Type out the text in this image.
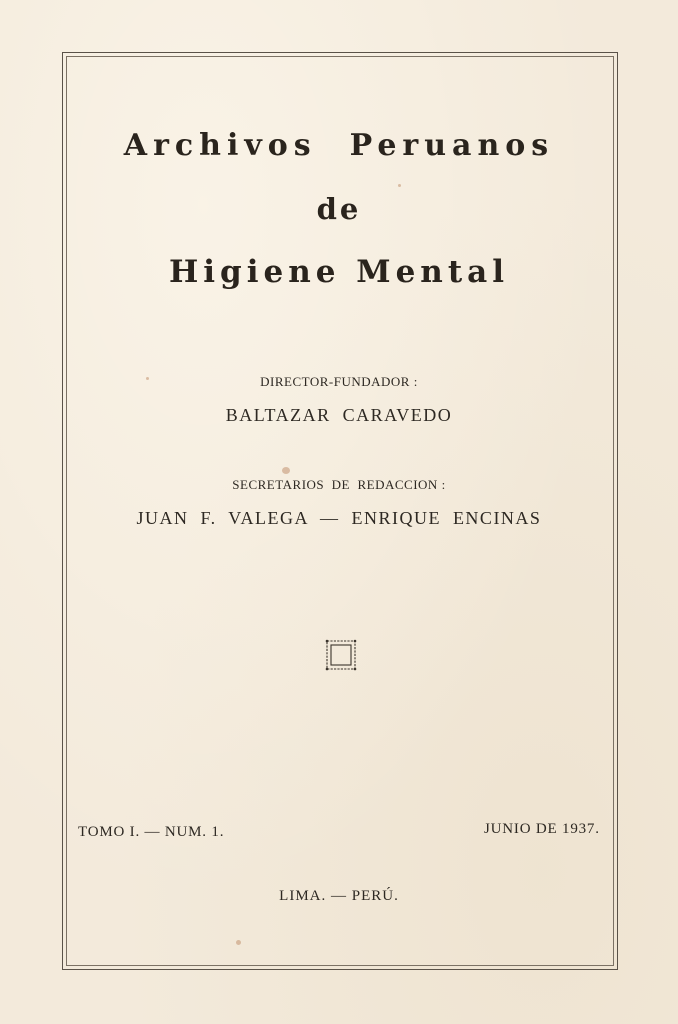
Archivos  Peruanos
de
Higiene Mental
DIRECTOR-FUNDADOR :
BALTAZAR  CARAVEDO
SECRETARIOS  DE  REDACCION :
JUAN  F.  VALEGA  —  ENRIQUE  ENCINAS
TOMO I. — NUM. 1.	JUNIO DE 1937.
LIMA. — PERÚ.
